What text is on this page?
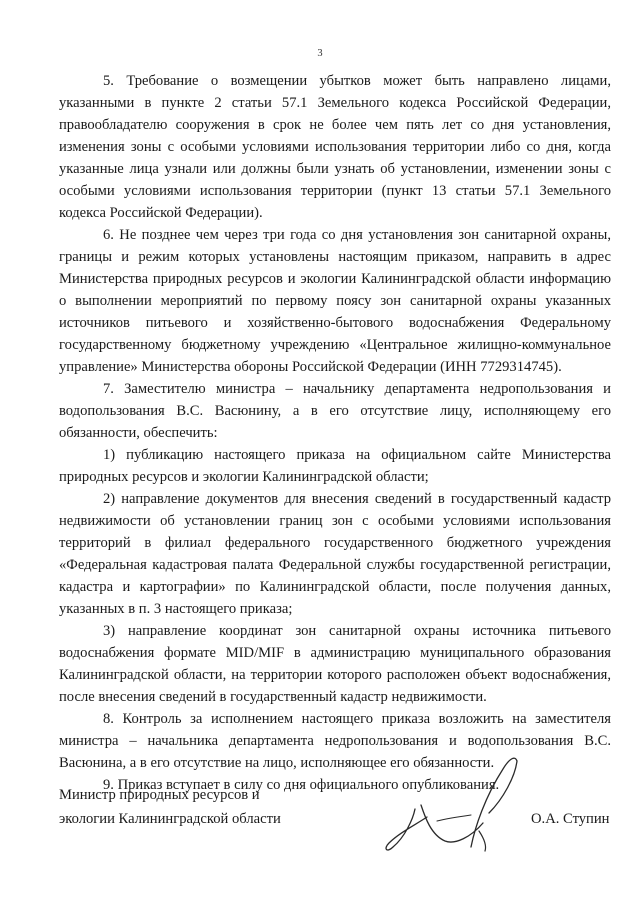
3

5. Требование о возмещении убытков может быть направлено лицами, указанными в пункте 2 статьи 57.1 Земельного кодекса Российской Федерации, правообладателю сооружения в срок не более чем пять лет со дня установления, изменения зоны с особыми условиями использования территории либо со дня, когда указанные лица узнали или должны были узнать об установлении, изменении зоны с особыми условиями использования территории (пункт 13 статьи 57.1 Земельного кодекса Российской Федерации).

6. Не позднее чем через три года со дня установления зон санитарной охраны, границы и режим которых установлены настоящим приказом, направить в адрес Министерства природных ресурсов и экологии Калининградской области информацию о выполнении мероприятий по первому поясу зон санитарной охраны указанных источников питьевого и хозяйственно-бытового водоснабжения Федеральному государственному бюджетному учреждению «Центральное жилищно-коммунальное управление» Министерства обороны Российской Федерации (ИНН 7729314745).

7. Заместителю министра – начальнику департамента недропользования и водопользования В.С. Васюнину, а в его отсутствие лицу, исполняющему его обязанности, обеспечить:

1) публикацию настоящего приказа на официальном сайте Министерства природных ресурсов и экологии Калининградской области;

2) направление документов для внесения сведений в государственный кадастр недвижимости об установлении границ зон с особыми условиями использования территорий в филиал федерального государственного бюджетного учреждения «Федеральная кадастровая палата Федеральной службы государственной регистрации, кадастра и картографии» по Калининградской области, после получения данных, указанных в п. 3 настоящего приказа;

3) направление координат зон санитарной охраны источника питьевого водоснабжения формате MID/MIF в администрацию муниципального образования Калининградской области, на территории которого расположен объект водоснабжения, после внесения сведений в государственный кадастр недвижимости.

8. Контроль за исполнением настоящего приказа возложить на заместителя министра – начальника департамента недропользования и водопользования В.С. Васюнина, а в его отсутствие на лицо, исполняющее его обязанности.

9. Приказ вступает в силу со дня официального опубликования.

Министр природных ресурсов и
экологии Калининградской области	О.А. Ступин
